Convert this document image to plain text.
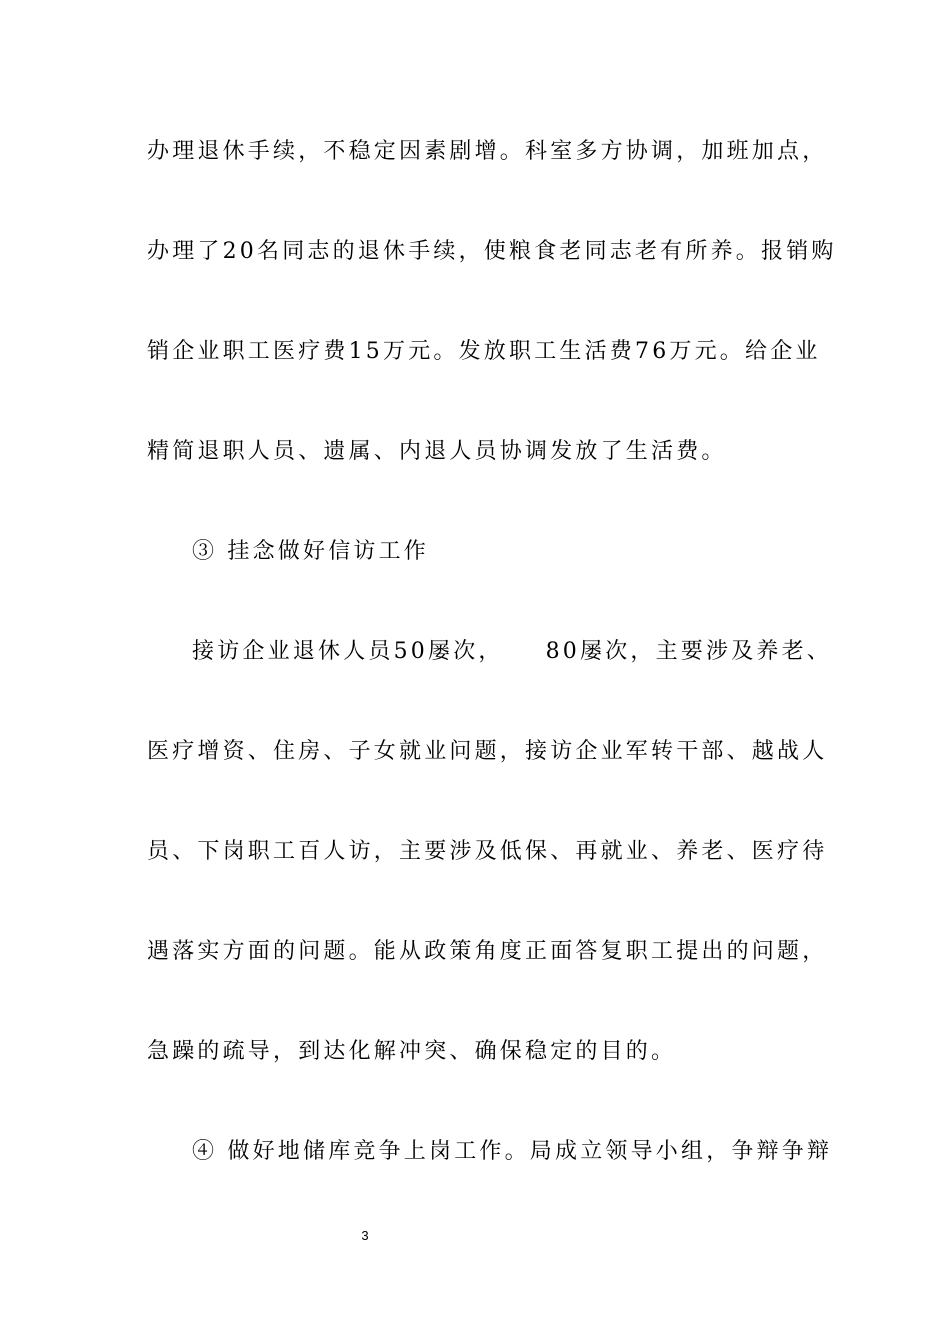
办理退休手续，不稳定因素剧增。科室多方协调，加班加点，
办理了20名同志的退休手续，使粮食老同志老有所养。报销购
销企业职工医疗费15万元。发放职工生活费76万元。给企业
精简退职人员、遗属、内退人员协调发放了生活费。
③ 挂念做好信访工作
接访企业退休人员50屡次， 80屡次，主要涉及养老、
医疗增资、住房、子女就业问题，接访企业军转干部、越战人
员、下岗职工百人访，主要涉及低保、再就业、养老、医疗待
遇落实方面的问题。能从政策角度正面答复职工提出的问题，
急躁的疏导，到达化解冲突、确保稳定的目的。
④ 做好地储库竞争上岗工作。局成立领导小组，争辩争辩
3
